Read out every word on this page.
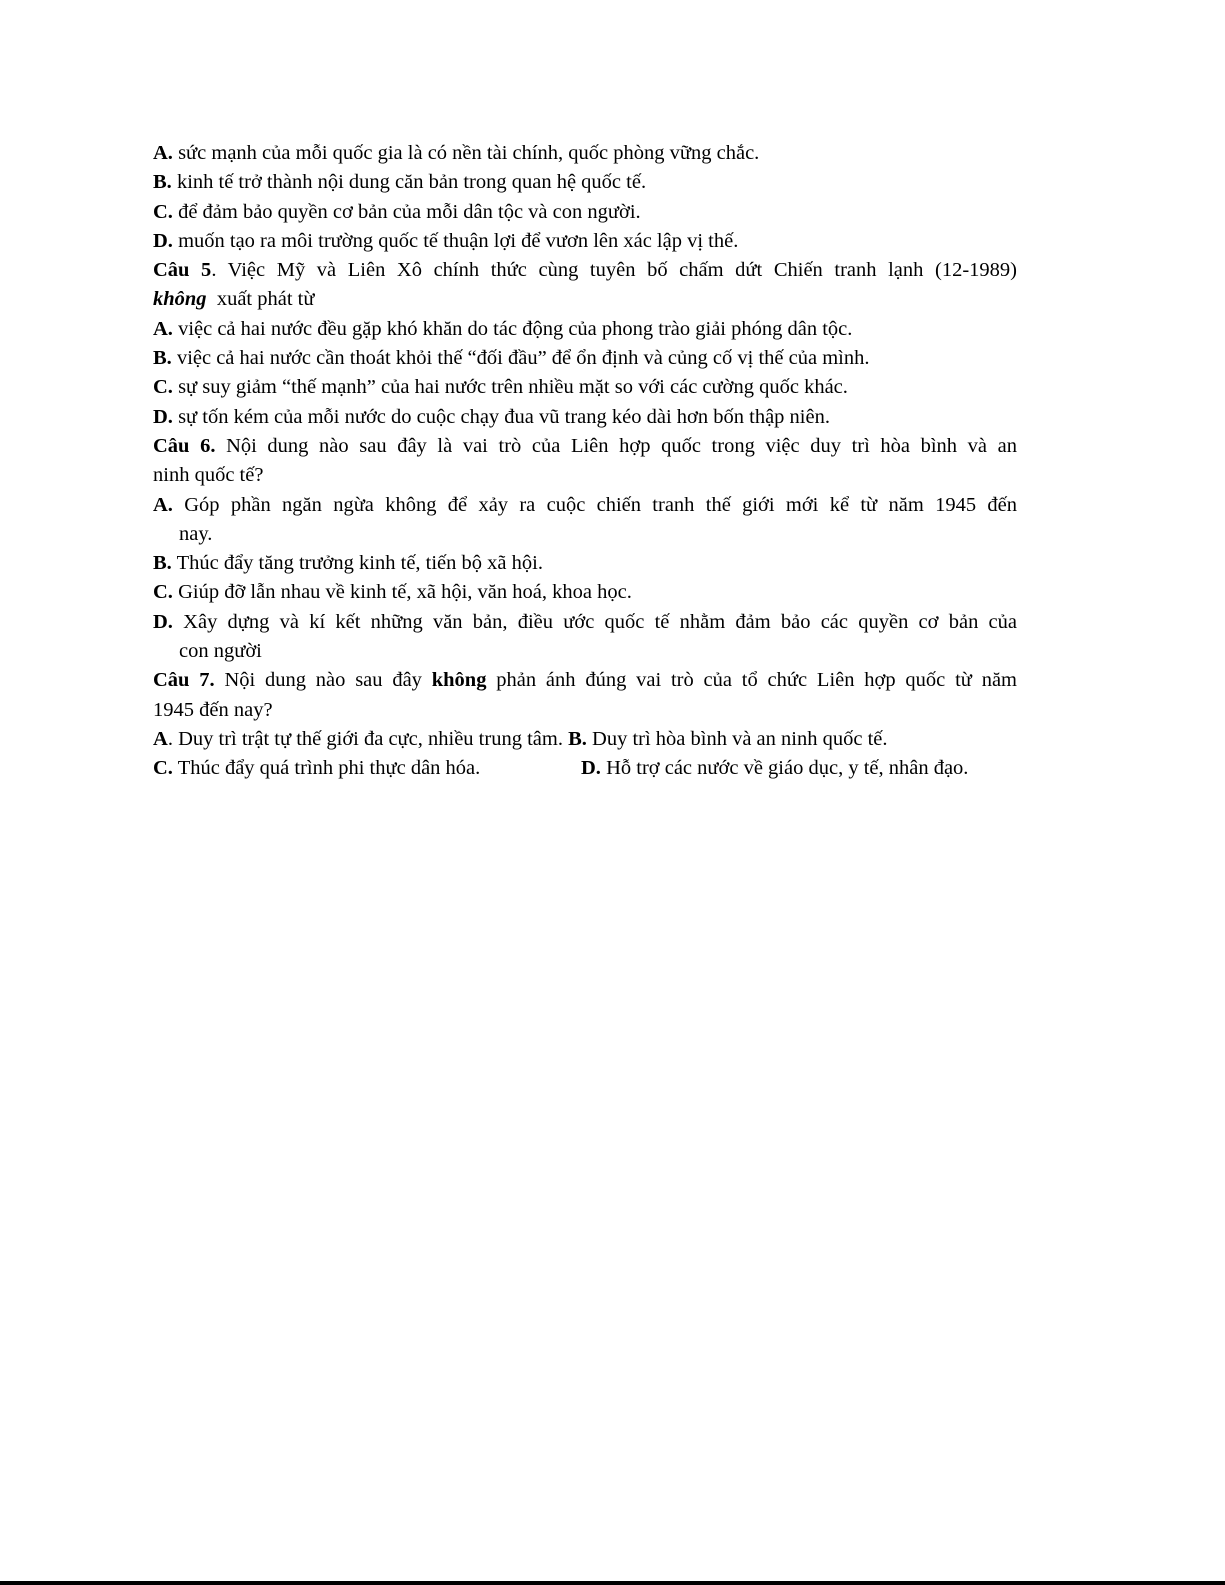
A. sức mạnh của mỗi quốc gia là có nền tài chính, quốc phòng vững chắc.
B. kinh tế trở thành nội dung căn bản trong quan hệ quốc tế.
C. để đảm bảo quyền cơ bản của mỗi dân tộc và con người.
D. muốn tạo ra môi trường quốc tế thuận lợi để vươn lên xác lập vị thế.
Câu 5. Việc Mỹ và Liên Xô chính thức cùng tuyên bố chấm dứt Chiến tranh lạnh (12-1989)
không  xuất phát từ
A. việc cả hai nước đều gặp khó khăn do tác động của phong trào giải phóng dân tộc.
B. việc cả hai nước cần thoát khỏi thế “đối đầu” để ổn định và củng cố vị thế của mình.
C. sự suy giảm “thế mạnh” của hai nước trên nhiều mặt so với các cường quốc khác.
D. sự tốn kém của mỗi nước do cuộc chạy đua vũ trang kéo dài hơn bốn thập niên.
Câu 6. Nội dung nào sau đây là vai trò của Liên hợp quốc trong việc duy trì hòa bình và an
ninh quốc tế?
A. Góp phần ngăn ngừa không để xảy ra cuộc chiến tranh thế giới mới kể từ năm 1945 đến
nay.
B. Thúc đẩy tăng trưởng kinh tế, tiến bộ xã hội.
C. Giúp đỡ lẫn nhau về kinh tế, xã hội, văn hoá, khoa học.
D. Xây dựng và kí kết những văn bản, điều ước quốc tế nhằm đảm bảo các quyền cơ bản của
con người
Câu 7. Nội dung nào sau đây không phản ánh đúng vai trò của tổ chức Liên hợp quốc từ năm
1945 đến nay?
A. Duy trì trật tự thế giới đa cực, nhiều trung tâm. B. Duy trì hòa bình và an ninh quốc tế.
C. Thúc đẩy quá trình phi thực dân hóa.	D. Hỗ trợ các nước về giáo dục, y tế, nhân đạo.
